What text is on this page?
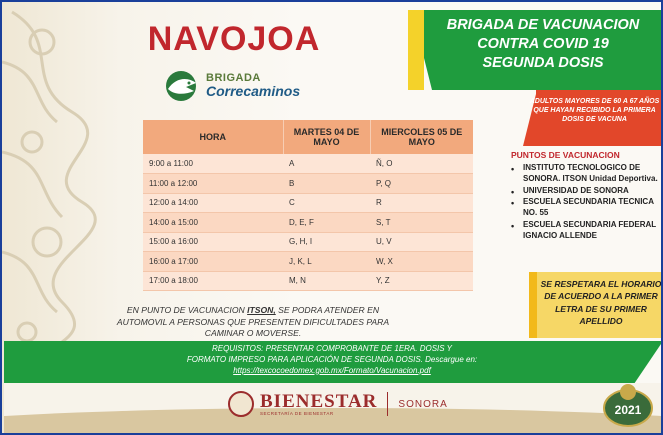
NAVOJOA
BRIGADA
Correcaminos
HORA	MARTES 04 DE MAYO	MIERCOLES 05 DE MAYO
9:00 a 11:00	A	Ñ, O
11:00 a 12:00	B	P, Q
12:00 a 14:00	C	R
14:00 a 15:00	D, E, F	S, T
15:00 a 16:00	G, H, I	U, V
16:00 a 17:00	J, K, L	W, X
17:00 a 18:00	M, N	Y, Z
EN PUNTO DE VACUNACION ITSON, SE PODRA ATENDER EN AUTOMOVIL A PERSONAS QUE PRESENTEN DIFICULTADES PARA CAMINAR O MOVERSE.
BRIGADA DE VACUNACION
CONTRA COVID 19
SEGUNDA DOSIS
ADULTOS MAYORES DE 60 A 67 AÑOS QUE HAYAN RECIBIDO LA PRIMERA DOSIS DE VACUNA
PUNTOS DE VACUNACION
• INSTITUTO TECNOLOGICO DE SONORA. ITSON Unidad Deportiva.
• UNIVERSIDAD DE SONORA
• ESCUELA SECUNDARIA TECNICA NO. 55
• ESCUELA SECUNDARIA FEDERAL IGNACIO ALLENDE
SE RESPETARA EL HORARIO DE ACUERDO A LA PRIMER LETRA DE SU PRIMER APELLIDO
REQUISITOS: PRESENTAR COMPROBANTE DE 1ERA. DOSIS Y
FORMATO IMPRESO PARA APLICACIÓN DE SEGUNDA DOSIS. Descargue en:
https://texcocoedomex.gob.mx/Formato/Vacunacion.pdf
BIENESTAR
SECRETARÍA DE BIENESTAR
SONORA	2021
